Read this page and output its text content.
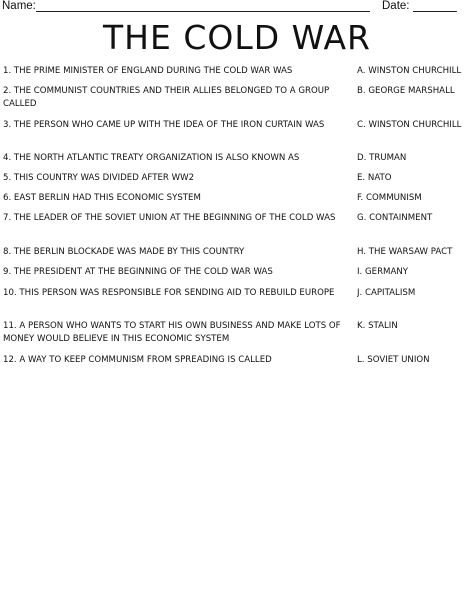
Name:	Date:
THE COLD WAR
1. THE PRIME MINISTER OF ENGLAND DURING THE COLD WAR WAS
2. THE COMMUNIST COUNTRIES AND THEIR ALLIES BELONGED TO A GROUP CALLED
3. THE PERSON WHO CAME UP WITH THE IDEA OF THE IRON CURTAIN WAS
4. THE NORTH ATLANTIC TREATY ORGANIZATION IS ALSO KNOWN AS
5. THIS COUNTRY WAS DIVIDED AFTER WW2
6. EAST BERLIN HAD THIS ECONOMIC SYSTEM
7. THE LEADER OF THE SOVIET UNION AT THE BEGINNING OF THE COLD WAS
8. THE BERLIN BLOCKADE WAS MADE BY THIS COUNTRY
9. THE PRESIDENT AT THE BEGINNING OF THE COLD WAR WAS
10. THIS PERSON WAS RESPONSIBLE FOR SENDING AID TO REBUILD EUROPE
11. A PERSON WHO WANTS TO START HIS OWN BUSINESS AND MAKE LOTS OF MONEY WOULD BELIEVE IN THIS ECONOMIC SYSTEM
12. A WAY TO KEEP COMMUNISM FROM SPREADING IS CALLED
A. WINSTON CHURCHILL
B. GEORGE MARSHALL
C. WINSTON CHURCHILL
D. TRUMAN
E. NATO
F. COMMUNISM
G. CONTAINMENT
H. THE WARSAW PACT
I. GERMANY
J. CAPITALISM
K. STALIN
L. SOVIET UNION
